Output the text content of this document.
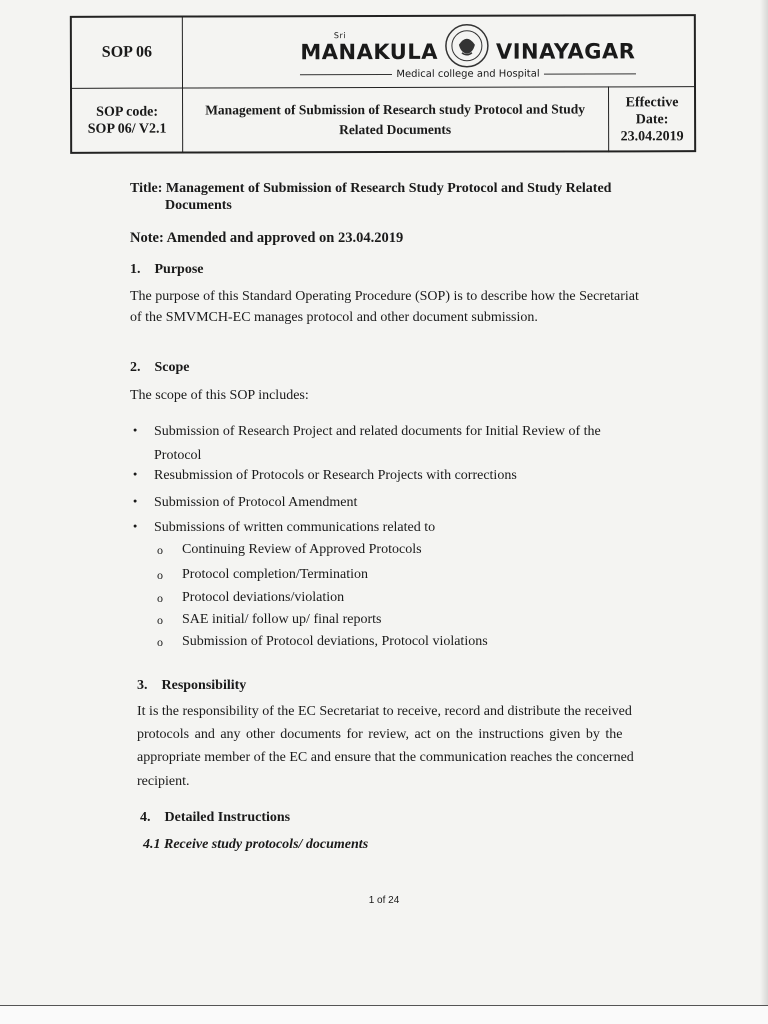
SOP 06
Sri
MANAKULA	VINAYAGAR
Medical college and Hospital
SOP code:
SOP 06/ V2.1
Management of Submission of Research study Protocol and Study
Related Documents
Effective
Date:
23.04.2019
Title: Management of Submission of Research Study Protocol and Study Related
Documents
Note: Amended and approved on 23.04.2019
1.    Purpose
The purpose of this Standard Operating Procedure (SOP) is to describe how the Secretariat
of the SMVMCH-EC manages protocol and other document submission.
2.    Scope
The scope of this SOP includes:
● Submission of Research Project and related documents for Initial Review of the
Protocol
● Resubmission of Protocols or Research Projects with corrections
● Submission of Protocol Amendment
● Submissions of written communications related to
o Continuing Review of Approved Protocols
o Protocol completion/Termination
o Protocol deviations/violation
o SAE initial/ follow up/ final reports
o Submission of Protocol deviations, Protocol violations
3.    Responsibility
It is the responsibility of the EC Secretariat to receive, record and distribute the received
protocols and any other documents for review, act on the instructions given by the
appropriate member of the EC and ensure that the communication reaches the concerned
recipient.
4.    Detailed Instructions
4.1 Receive study protocols/ documents
1 of 24
